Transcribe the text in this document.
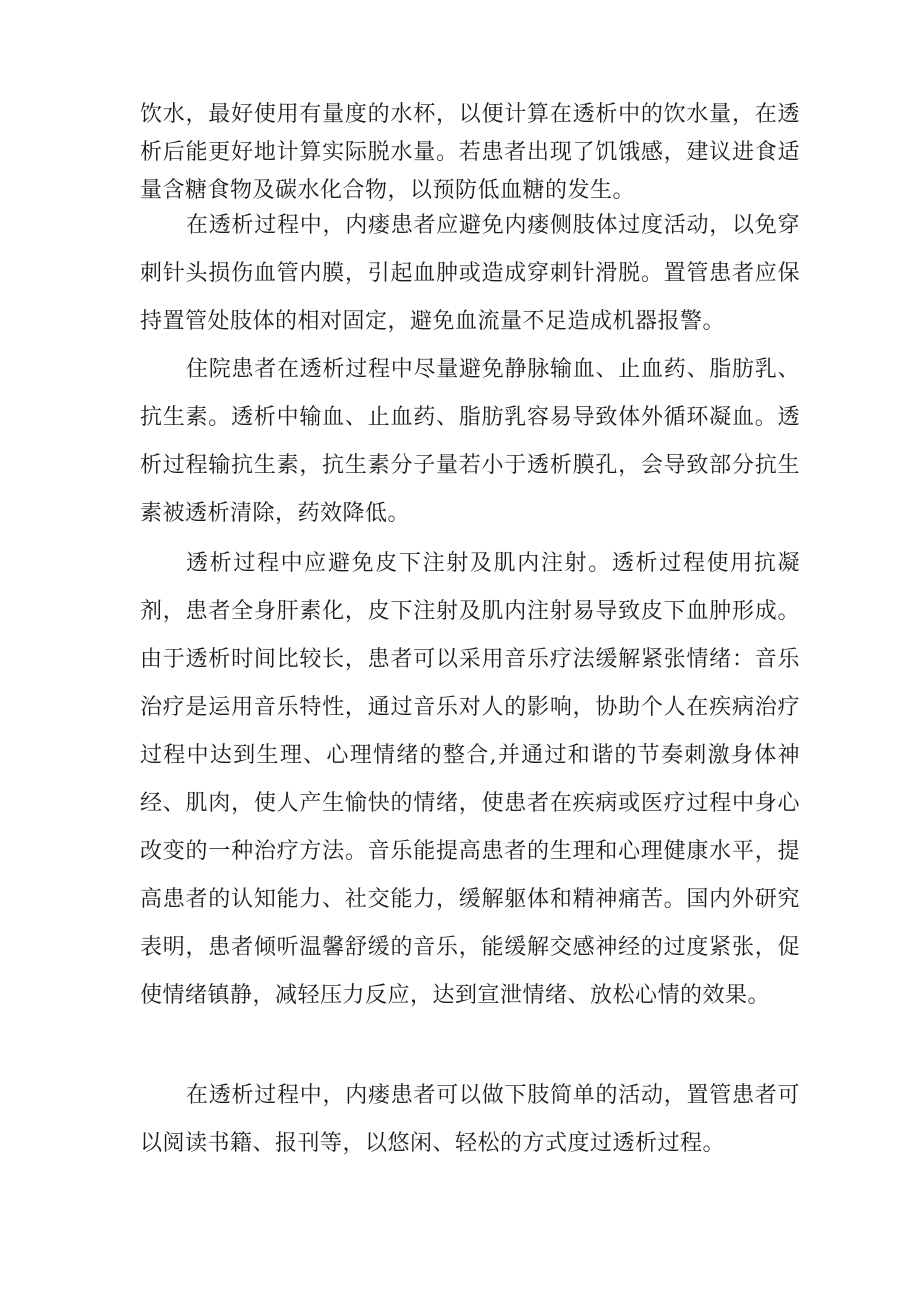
饮水，最好使用有量度的水杯，以便计算在透析中的饮水量，在透析后能更好地计算实际脱水量。若患者出现了饥饿感，建议进食适量含糖食物及碳水化合物，以预防低血糖的发生。

在透析过程中，内瘘患者应避免内瘘侧肢体过度活动，以免穿刺针头损伤血管内膜，引起血肿或造成穿刺针滑脱。置管患者应保持置管处肢体的相对固定，避免血流量不足造成机器报警。

住院患者在透析过程中尽量避免静脉输血、止血药、脂肪乳、抗生素。透析中输血、止血药、脂肪乳容易导致体外循环凝血。透析过程输抗生素，抗生素分子量若小于透析膜孔，会导致部分抗生素被透析清除，药效降低。

透析过程中应避免皮下注射及肌内注射。透析过程使用抗凝剂，患者全身肝素化，皮下注射及肌内注射易导致皮下血肿形成。由于透析时间比较长，患者可以采用音乐疗法缓解紧张情绪：音乐治疗是运用音乐特性，通过音乐对人的影响，协助个人在疾病治疗过程中达到生理、心理情绪的整合,并通过和谐的节奏刺激身体神经、肌肉，使人产生愉快的情绪，使患者在疾病或医疗过程中身心改变的一种治疗方法。音乐能提高患者的生理和心理健康水平，提高患者的认知能力、社交能力，缓解躯体和精神痛苦。国内外研究表明，患者倾听温馨舒缓的音乐，能缓解交感神经的过度紧张，促使情绪镇静，减轻压力反应，达到宣泄情绪、放松心情的效果。

在透析过程中，内瘘患者可以做下肢简单的活动，置管患者可以阅读书籍、报刊等，以悠闲、轻松的方式度过透析过程。
